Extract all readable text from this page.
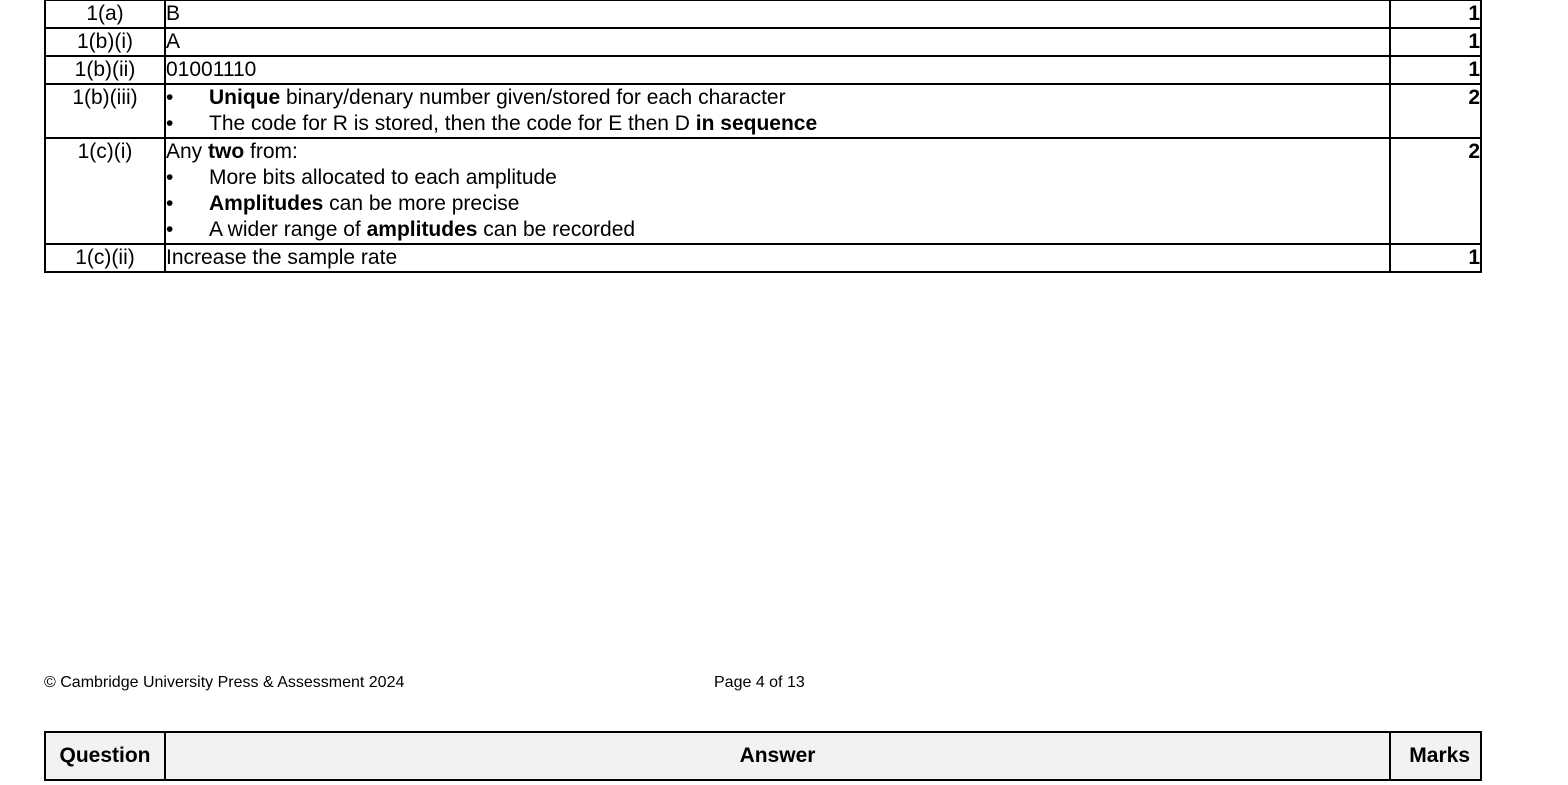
1(a)	B	1
1(b)(i)	A	1
1(b)(ii)	01001110	1
1(b)(iii)	• Unique binary/denary number given/stored for each character
• The code for R is stored, then the code for E then D in sequence	2
1(c)(i)	Any two from:
• More bits allocated to each amplitude
• Amplitudes can be more precise
• A wider range of amplitudes can be recorded	2
1(c)(ii)	Increase the sample rate	1
© Cambridge University Press & Assessment 2024	Page 4 of 13
Question	Answer	Marks
